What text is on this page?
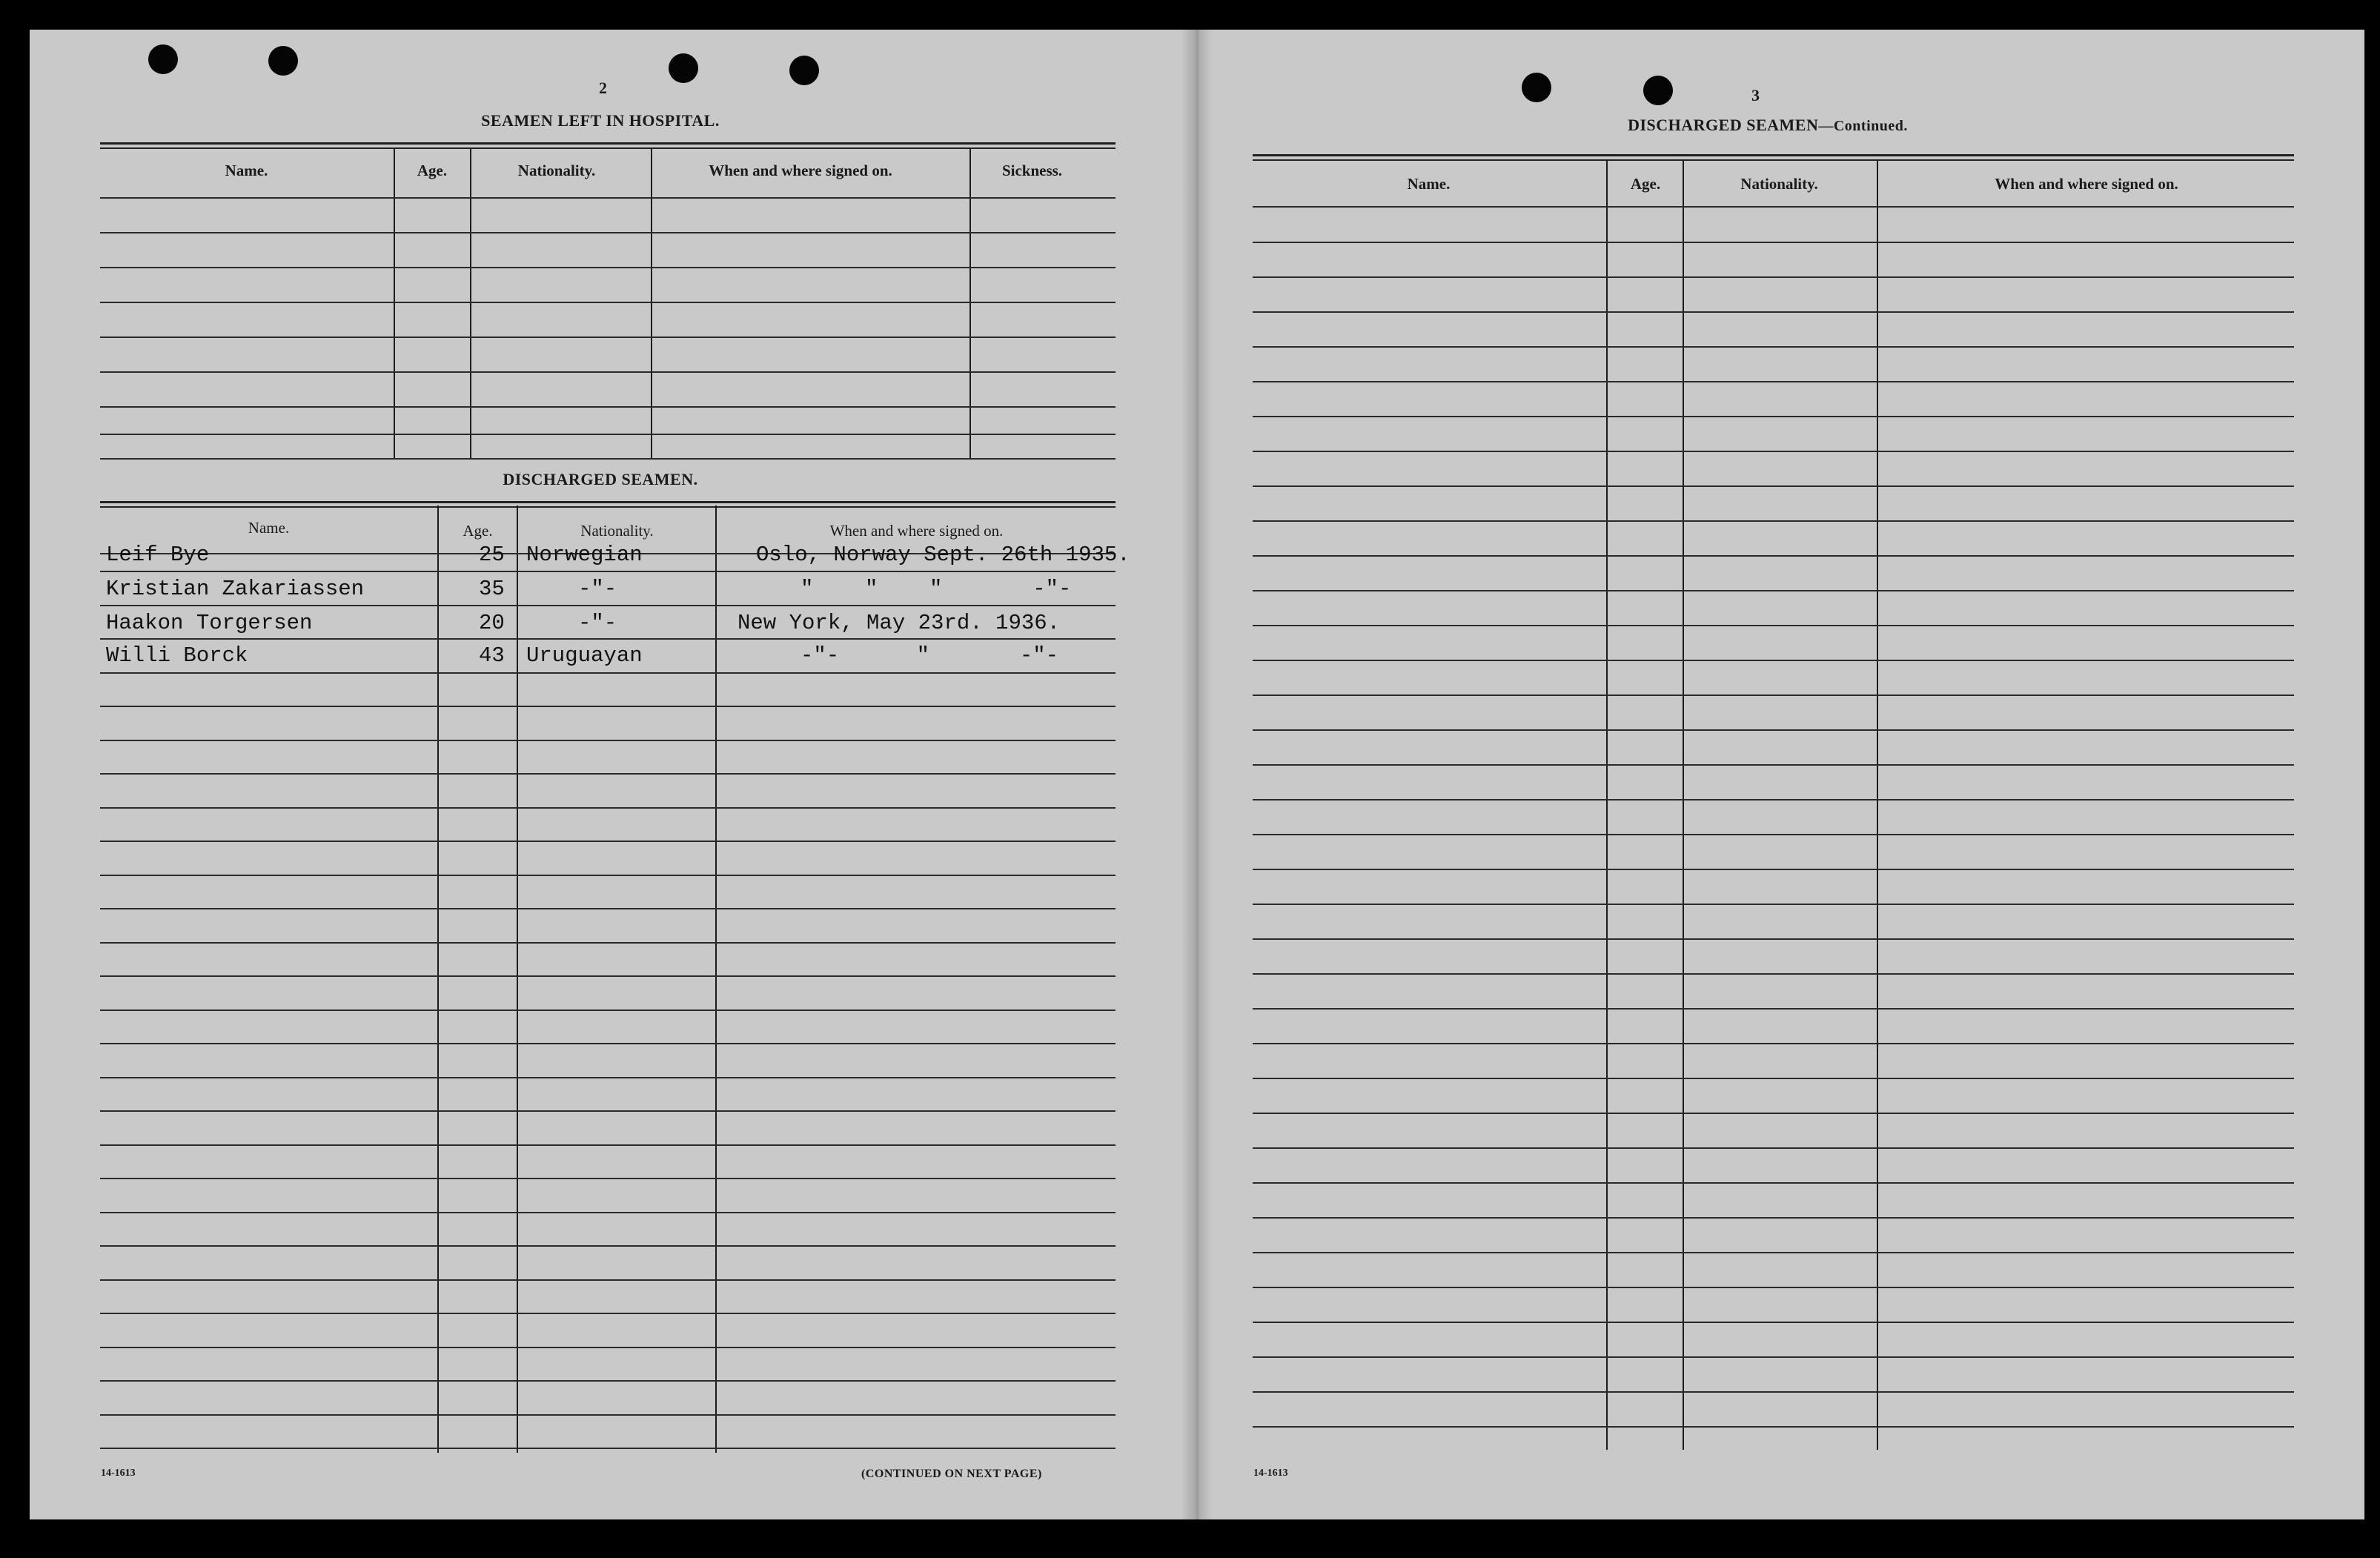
2
SEAMEN LEFT IN HOSPITAL.
Name.	Age.	Nationality.	When and where signed on.	Sickness.
DISCHARGED SEAMEN.
Name.	Age.	Nationality.	When and where signed on.
Leif Bye	25 Norwegian	Oslo, Norway Sept. 26th 1935.
Kristian Zakariassen	35	-"-	"    "    "       -"-
Haakon Torgersen	20	-"-	New York, May 23rd. 1936.
Willi Borck	43 Uruguayan	-"-      "       -"-
14-1613	(CONTINUED ON NEXT PAGE)
3
DISCHARGED SEAMEN—Continued.
Name.	Age.	Nationality.	When and where signed on.
14-1613
